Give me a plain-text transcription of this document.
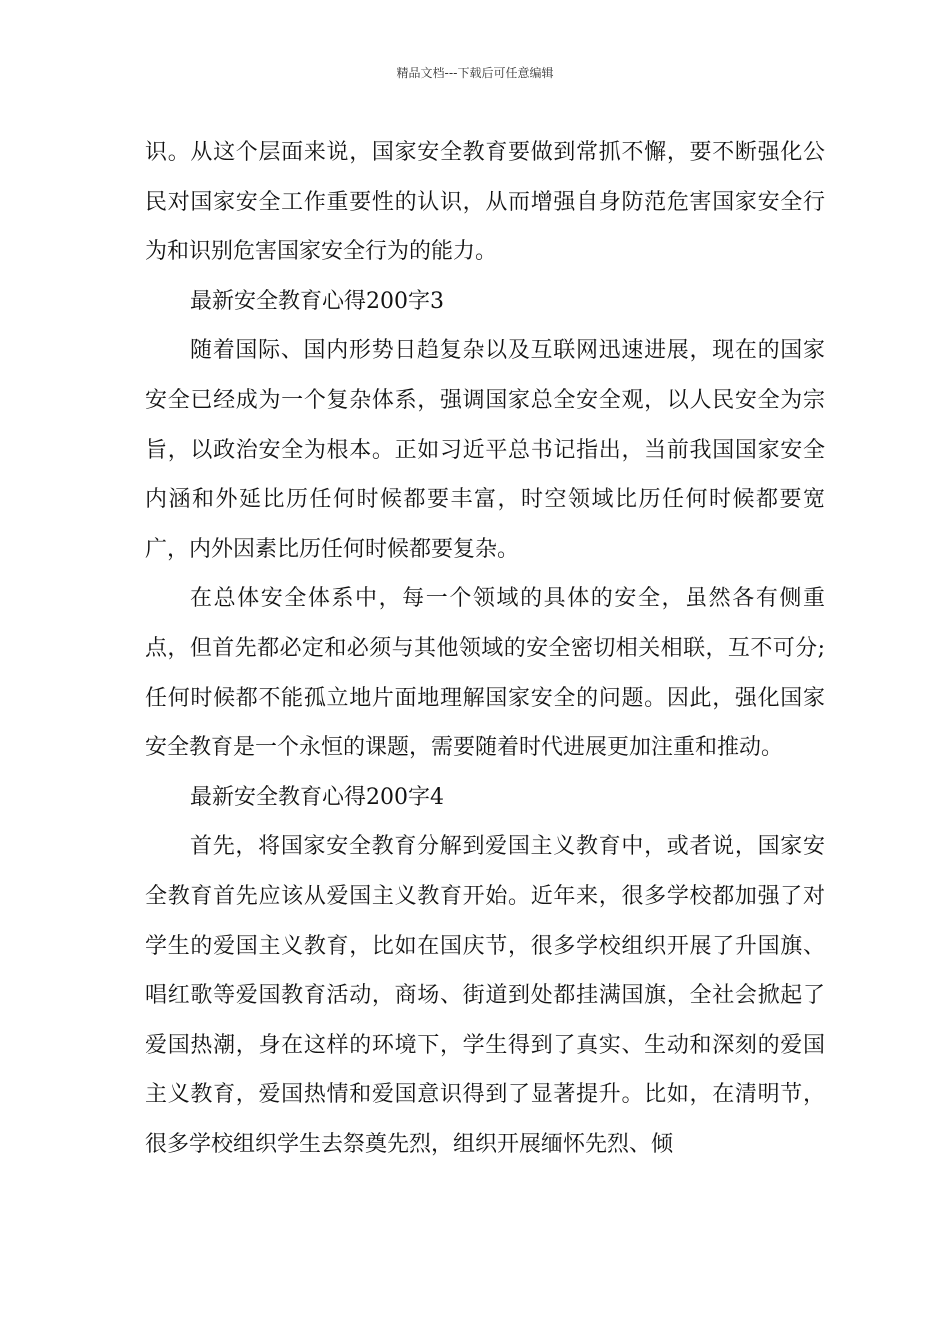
精品文档---下载后可任意编辑

识。从这个层面来说，国家安全教育要做到常抓不懈，要不断强化公民对国家安全工作重要性的认识，从而增强自身防范危害国家安全行为和识别危害国家安全行为的能力。

最新安全教育心得200字3

随着国际、国内形势日趋复杂以及互联网迅速进展，现在的国家安全已经成为一个复杂体系，强调国家总全安全观，以人民安全为宗旨，以政治安全为根本。正如习近平总书记指出，当前我国国家安全内涵和外延比历任何时候都要丰富，时空领域比历任何时候都要宽广，内外因素比历任何时候都要复杂。

在总体安全体系中，每一个领域的具体的安全，虽然各有侧重点，但首先都必定和必须与其他领域的安全密切相关相联，互不可分;任何时候都不能孤立地片面地理解国家安全的问题。因此，强化国家安全教育是一个永恒的课题，需要随着时代进展更加注重和推动。

最新安全教育心得200字4

首先，将国家安全教育分解到爱国主义教育中，或者说，国家安全教育首先应该从爱国主义教育开始。近年来，很多学校都加强了对学生的爱国主义教育，比如在国庆节，很多学校组织开展了升国旗、唱红歌等爱国教育活动，商场、街道到处都挂满国旗，全社会掀起了爱国热潮，身在这样的环境下，学生得到了真实、生动和深刻的爱国主义教育，爱国热情和爱国意识得到了显著提升。比如，在清明节，很多学校组织学生去祭奠先烈，组织开展缅怀先烈、倾
